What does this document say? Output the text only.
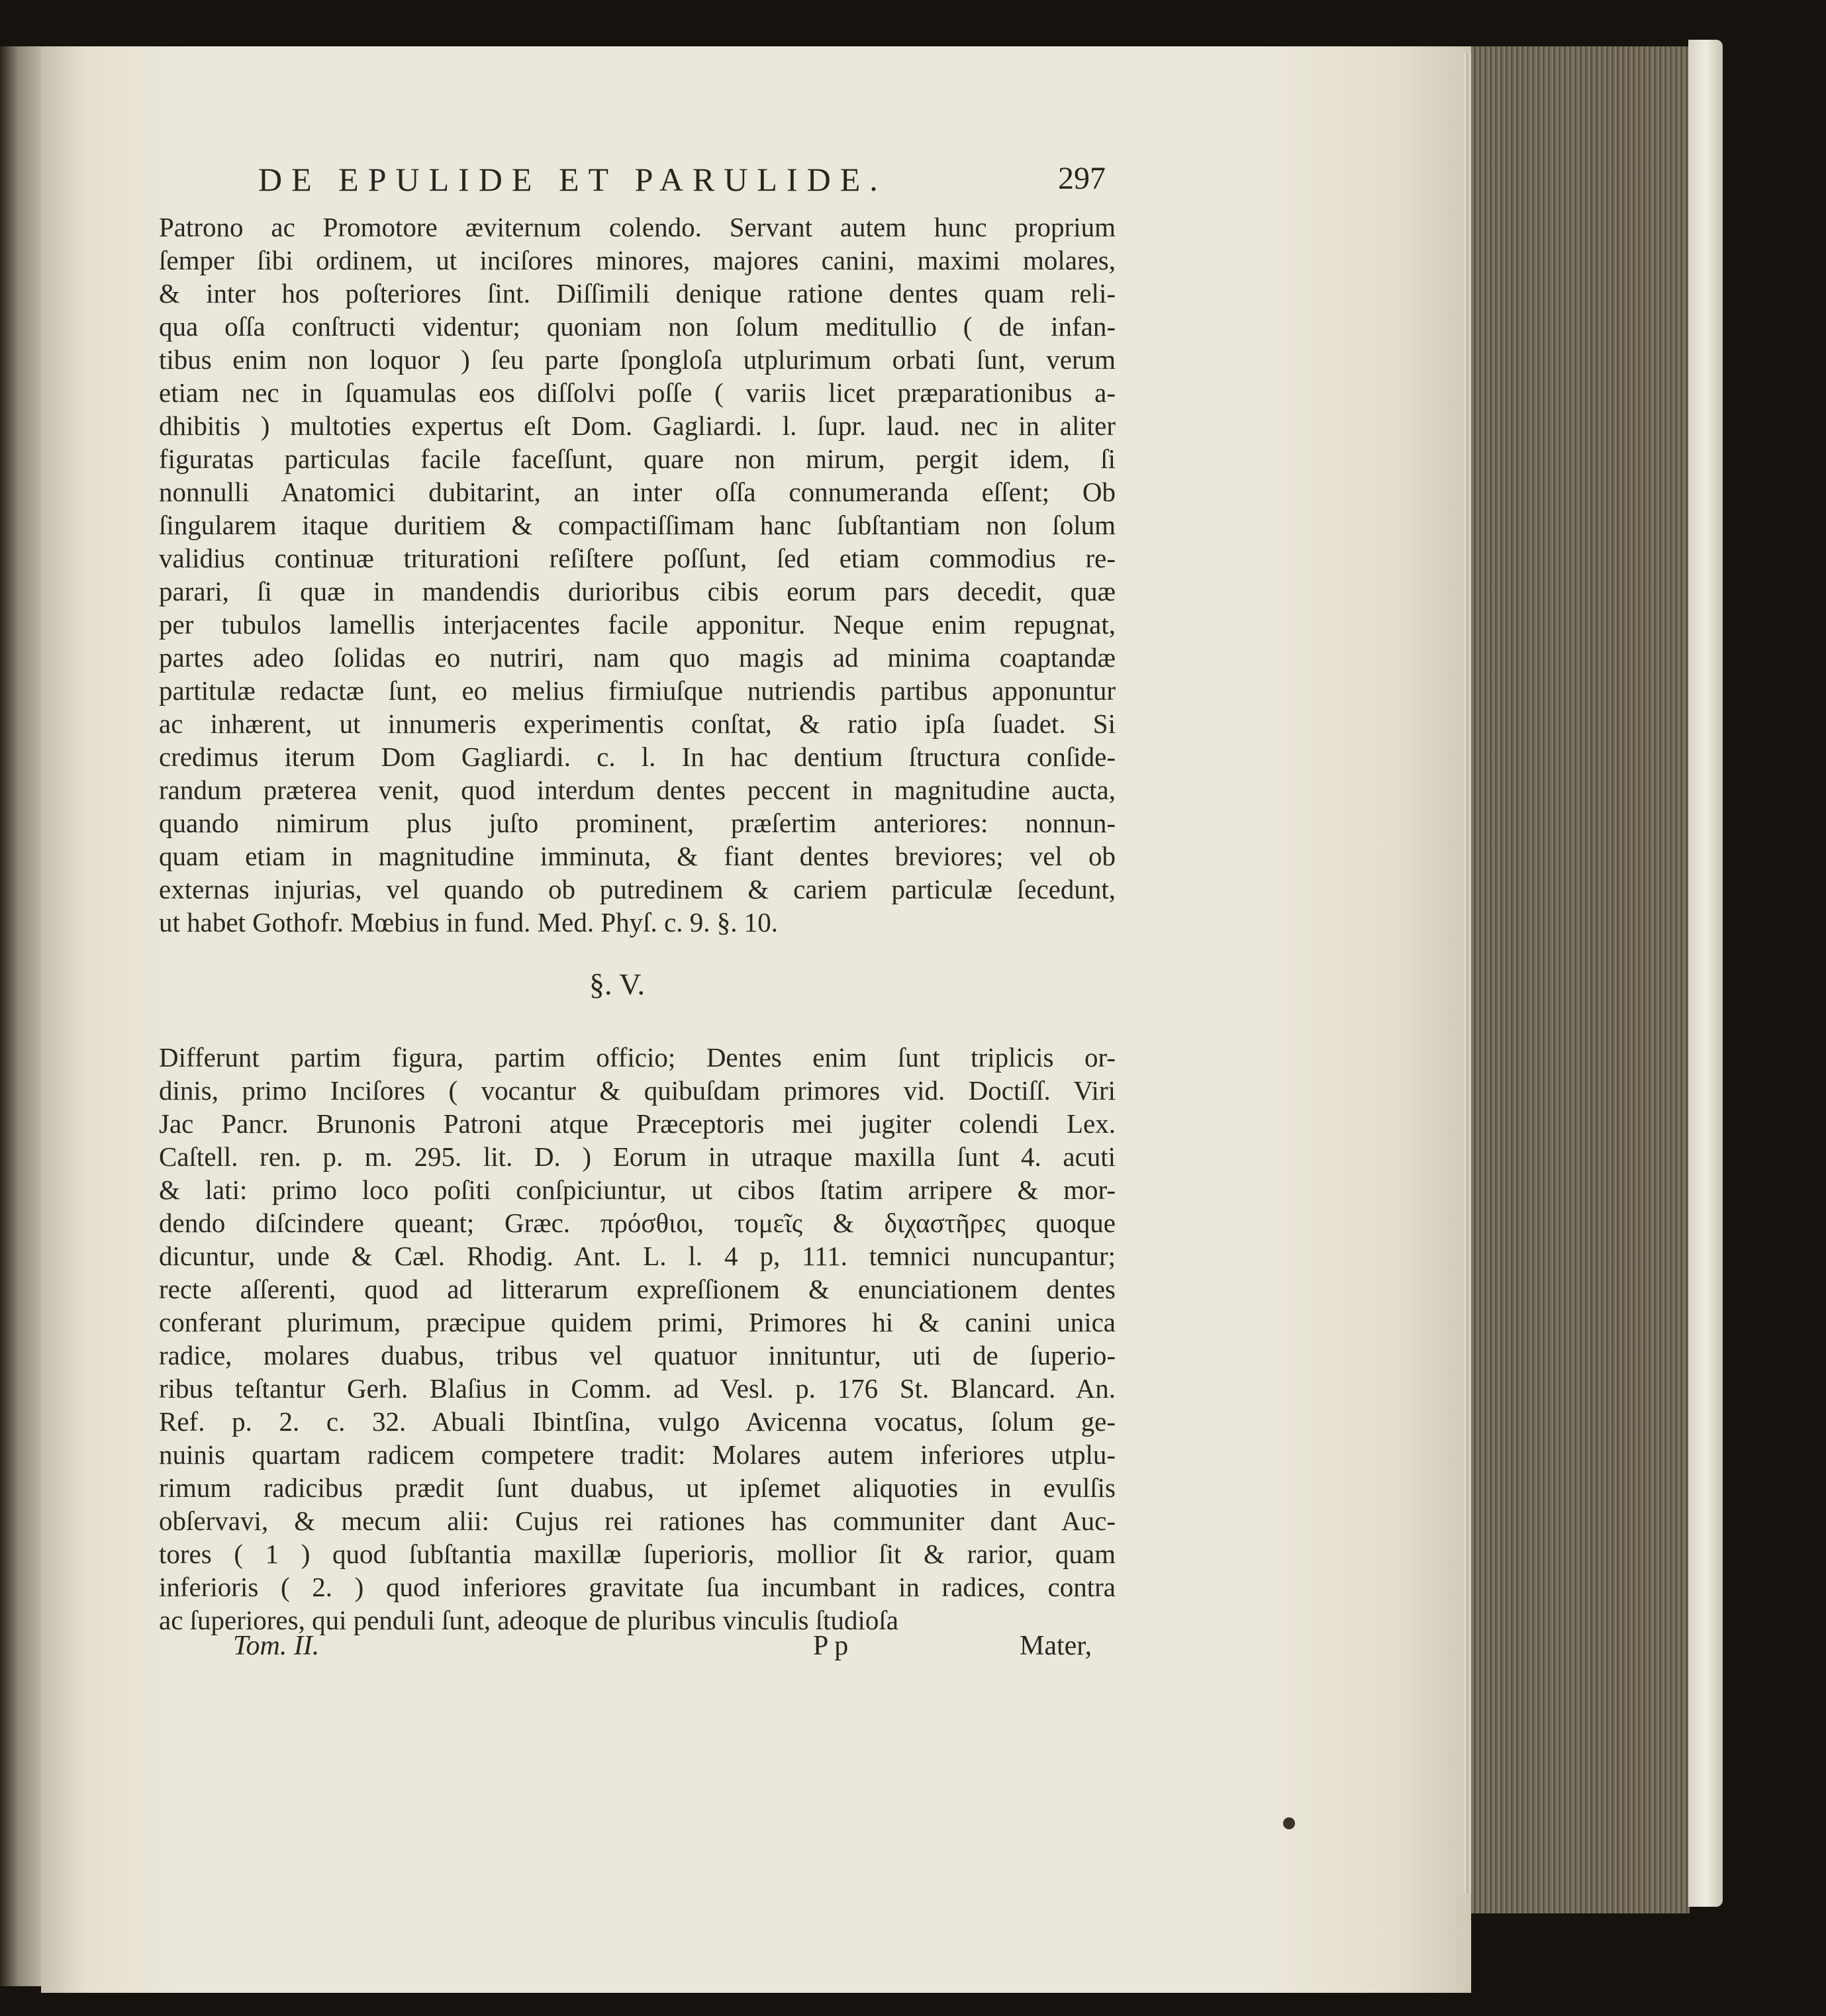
DE EPULIDE ET PARULIDE.	297
Patrono ac Promotore æviternum colendo. Servant autem hunc proprium
ſemper ſibi ordinem, ut inciſores minores, majores canini, maximi molares,
& inter hos poſteriores ſint. Diſſimili denique ratione dentes quam reli-
qua oſſa conſtructi videntur; quoniam non ſolum meditullio ( de infan-
tibus enim non loquor ) ſeu parte ſpongloſa utplurimum orbati ſunt, verum
etiam nec in ſquamulas eos diſſolvi poſſe ( variis licet præparationibus a-
dhibitis ) multoties expertus eſt Dom. Gagliardi. l. ſupr. laud. nec in aliter
figuratas particulas facile faceſſunt, quare non mirum, pergit idem, ſi
nonnulli Anatomici dubitarint, an inter oſſa connumeranda eſſent; Ob
ſingularem itaque duritiem & compactiſſimam hanc ſubſtantiam non ſolum
validius continuæ triturationi reſiſtere poſſunt, ſed etiam commodius re-
parari, ſi quæ in mandendis durioribus cibis eorum pars decedit, quæ
per tubulos lamellis interjacentes facile apponitur. Neque enim repugnat,
partes adeo ſolidas eo nutriri, nam quo magis ad minima coaptandæ
partitulæ redactæ ſunt, eo melius firmiuſque nutriendis partibus apponuntur
ac inhærent, ut innumeris experimentis conſtat, & ratio ipſa ſuadet. Si
credimus iterum Dom Gagliardi. c. l. In hac dentium ſtructura conſide-
randum præterea venit, quod interdum dentes peccent in magnitudine aucta,
quando nimirum plus juſto prominent, præſertim anteriores: nonnun-
quam etiam in magnitudine imminuta, & fiant dentes breviores; vel ob
externas injurias, vel quando ob putredinem & cariem particulæ ſecedunt,
ut habet Gothofr. Mœbius in fund. Med. Phyſ. c. 9. §. 10.
§. V.
Differunt partim figura, partim officio; Dentes enim ſunt triplicis or-
dinis, primo Inciſores ( vocantur & quibuſdam primores vid. Doctiſſ. Viri
Jac Pancr. Brunonis Patroni atque Præceptoris mei jugiter colendi Lex.
Caſtell. ren. p. m. 295. lit. D. ) Eorum in utraque maxilla ſunt 4. acuti
& lati: primo loco poſiti conſpiciuntur, ut cibos ſtatim arripere & mor-
dendo diſcindere queant; Græc. πρόσθιοι, τομεῖς & διχαστῆρες quoque
dicuntur, unde & Cæl. Rhodig. Ant. L. l. 4 p, 111. temnici nuncupantur;
recte aſſerenti, quod ad litterarum expreſſionem & enunciationem dentes
conferant plurimum, præcipue quidem primi, Primores hi & canini unica
radice, molares duabus, tribus vel quatuor innituntur, uti de ſuperio-
ribus teſtantur Gerh. Blaſius in Comm. ad Vesl. p. 176 St. Blancard. An.
Ref. p. 2. c. 32. Abuali Ibintſina, vulgo Avicenna vocatus, ſolum ge-
nuinis quartam radicem competere tradit: Molares autem inferiores utplu-
rimum radicibus prædit ſunt duabus, ut ipſemet aliquoties in evulſis
obſervavi, & mecum alii: Cujus rei rationes has communiter dant Auc-
tores ( 1 ) quod ſubſtantia maxillæ ſuperioris, mollior ſit & rarior, quam
inferioris ( 2. ) quod inferiores gravitate ſua incumbant in radices, contra
ac ſuperiores, qui penduli ſunt, adeoque de pluribus vinculis ſtudioſa
Tom. II.	P p	Mater,
